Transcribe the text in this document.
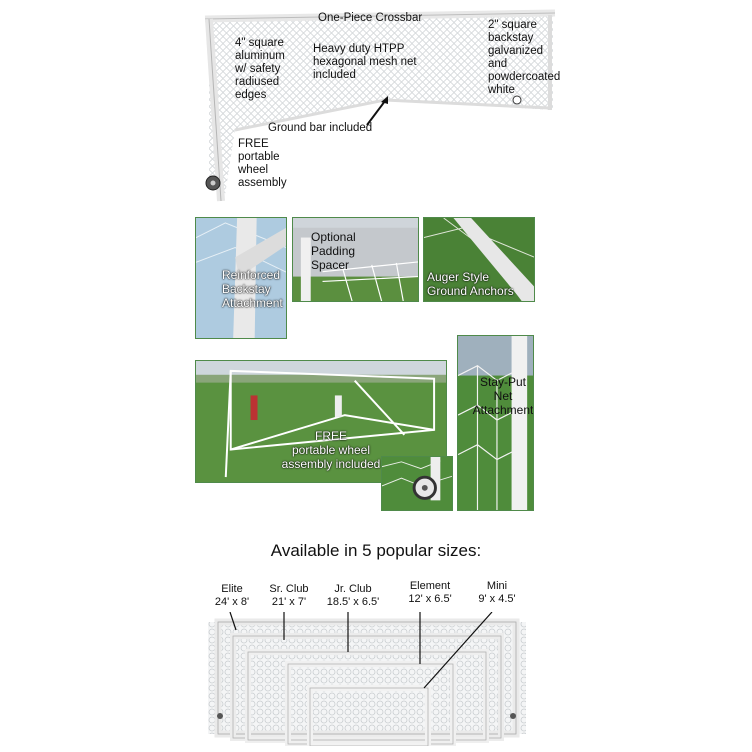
One-Piece Crossbar
4" square
aluminum
w/ safety
radiused
edges
Heavy duty HTPP
hexagonal mesh net
included
2" square
backstay
galvanized
and
powdercoated
white
Ground bar included
FREE
portable
wheel
assembly
Reinforced
Backstay
Attachment
Optional
Padding
Spacer
Auger Style
Ground Anchors
FREE
portable wheel
assembly included
Stay-Put
Net
Attachment
Available in 5 popular sizes:
Elite
24' x 8'
Sr. Club
21' x 7'
Jr. Club
18.5' x 6.5'
Element
12' x 6.5'
Mini
9' x 4.5'
